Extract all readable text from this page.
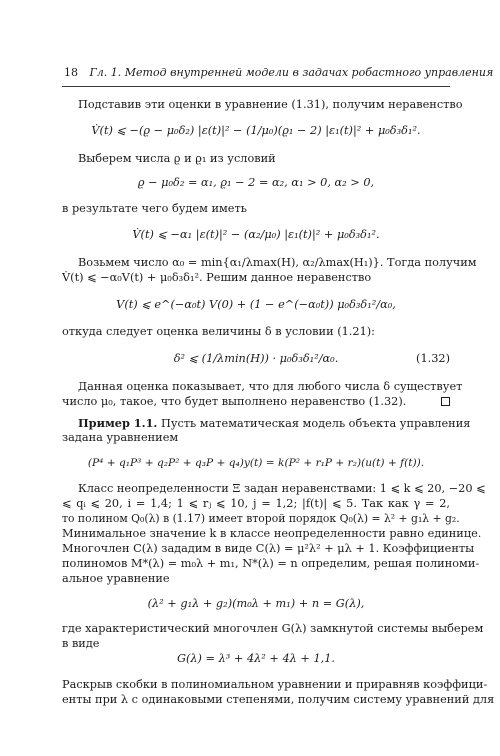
18 Гл. 1. Метод внутренней модели в задачах робастного управления
Подставив эти оценки в уравнение (1.31), получим неравенство
V̇(t) ⩽ −(ϱ − μ₀δ₂) |ε(t)|² − (1/μ₀)(ϱ₁ − 2) |ε₁(t)|² + μ₀δ₃δ₁².
Выберем числа ϱ и ϱ₁ из условий
ϱ − μ₀δ₂ = α₁, ϱ₁ − 2 = α₂, α₁ > 0, α₂ > 0,
в результате чего будем иметь
V̇(t) ⩽ −α₁ |ε(t)|² − (α₂/μ₀) |ε₁(t)|² + μ₀δ₃δ₁².
Возьмем число α₀ = min{α₁/λmax(H), α₂/λmax(H₁)}. Тогда получим
V̇(t) ⩽ −α₀V(t) + μ₀δ₃δ₁². Решим данное неравенство
V(t) ⩽ e^(−α₀t) V(0) + (1 − e^(−α₀t)) μ₀δ₃δ₁²/α₀,
откуда следует оценка величины δ в условии (1.21):
δ² ⩽ (1/λmin(H)) · μ₀δ₃δ₁²/α₀.	(1.32)
Данная оценка показывает, что для любого числа δ существует
число μ₀, такое, что будет выполнено неравенство (1.32).
Пример 1.1. Пусть математическая модель объекта управления
задана уравнением
(P⁴ + q₁P³ + q₂P² + q₃P + q₄)y(t) = k(P² + r₁P + r₂)(u(t) + f(t)).
Класс неопределенности Ξ задан неравенствами: 1 ⩽ k ⩽ 20, −20 ⩽
⩽ qᵢ ⩽ 20, i = 1,4; 1 ⩽ rⱼ ⩽ 10, j = 1,2; |f(t)| ⩽ 5. Так как γ = 2,
то полином Q₀(λ) в (1.17) имеет второй порядок Q₀(λ) = λ² + g₁λ + g₂.
Минимальное значение k в классе неопределенности равно единице.
Многочлен C(λ) зададим в виде C(λ) = μ²λ² + μλ + 1. Коэффициенты
полиномов M*(λ) = m₀λ + m₁, N*(λ) = n определим, решая полиноми-
альное уравнение
(λ² + g₁λ + g₂)(m₀λ + m₁) + n = G(λ),
где характеристический многочлен G(λ) замкнутой системы выберем
в виде
G(λ) = λ³ + 4λ² + 4λ + 1,1.
Раскрыв скобки в полиномиальном уравнении и приравняв коэффици-
енты при λ с одинаковыми степенями, получим систему уравнений для
